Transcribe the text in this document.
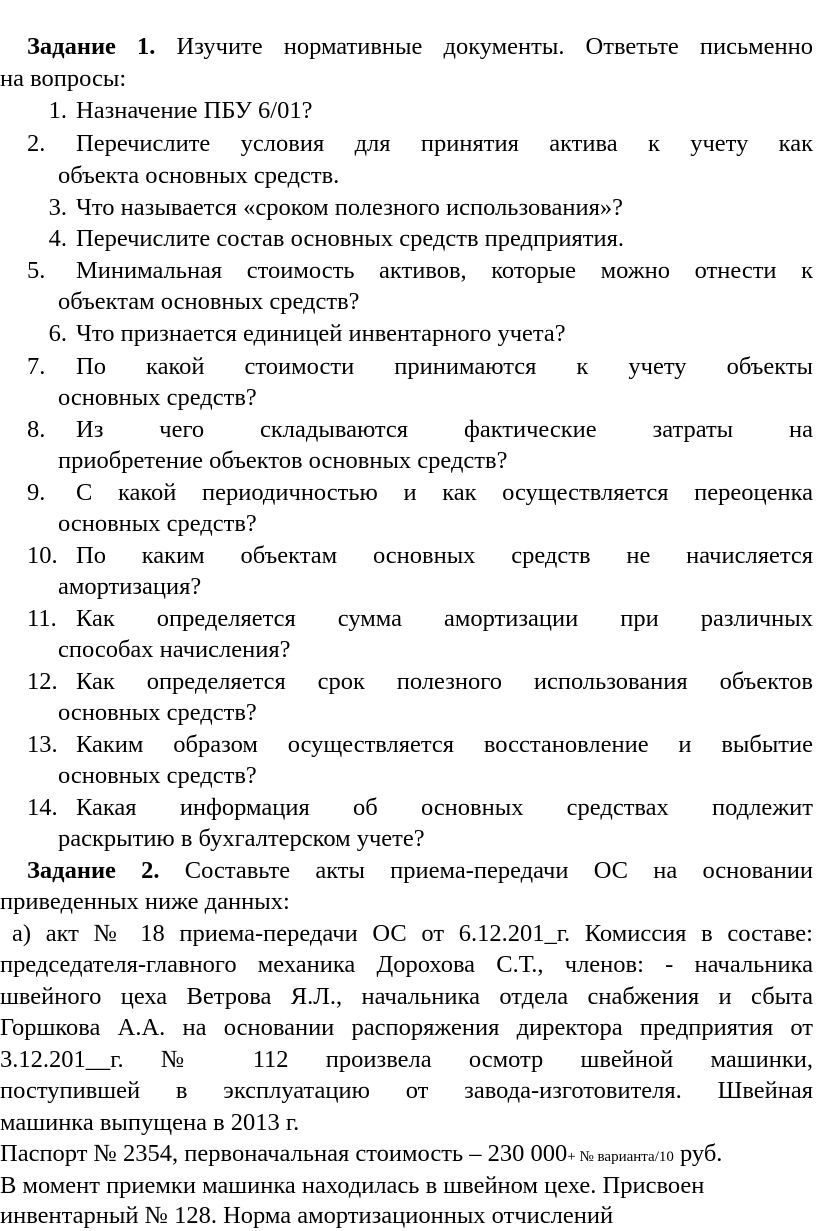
Задание 1. Изучите нормативные документы. Ответьте письменно
на вопросы:
1. Назначение ПБУ 6/01?
2. Перечислите условия для принятия актива к учету как
объекта основных средств.
3. Что называется «сроком полезного использования»?
4. Перечислите состав основных средств предприятия.
5. Минимальная стоимость активов, которые можно отнести к
объектам основных средств?
6. Что признается единицей инвентарного учета?
7. По какой стоимости принимаются к учету объекты
основных средств?
8. Из чего складываются фактические затраты на
приобретение объектов основных средств?
9. С какой периодичностью и как осуществляется переоценка
основных средств?
10. По каким объектам основных средств не начисляется
амортизация?
11. Как определяется сумма амортизации при различных
способах начисления?
12. Как определяется срок полезного использования объектов
основных средств?
13. Каким образом осуществляется восстановление и выбытие
основных средств?
14. Какая информация об основных средствах подлежит
раскрытию в бухгалтерском учете?
Задание 2. Составьте акты приема-передачи ОС на основании
приведенных ниже данных:
а) акт № 18 приема-передачи ОС от 6.12.201_г. Комиссия в составе:
председателя-главного механика Дорохова С.Т., членов: - начальника
швейного цеха Ветрова Я.Л., начальника отдела снабжения и сбыта
Горшкова А.А. на основании распоряжения директора предприятия от
3.12.201__г. № 112 произвела осмотр швейной машинки,
поступившей в эксплуатацию от завода-изготовителя. Швейная
машинка выпущена в 2013 г.
Паспорт № 2354, первоначальная стоимость – 230 000+ № варианта/10 руб.
В момент приемки машинка находилась в швейном цехе. Присвоен
инвентарный № 128. Норма амортизационных отчислений
